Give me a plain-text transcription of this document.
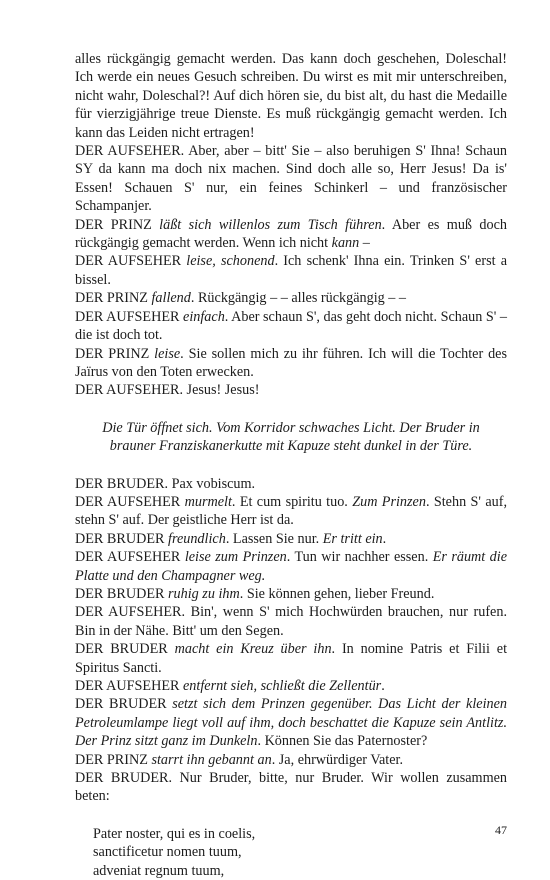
alles rückgängig gemacht werden. Das kann doch geschehen, Doleschal! Ich werde ein neues Gesuch schreiben. Du wirst es mit mir unterschreiben, nicht wahr, Doleschal?! Auf dich hören sie, du bist alt, du hast die Medaille für vierzigjährige treue Dienste. Es muß rückgängig gemacht werden. Ich kann das Leiden nicht ertragen!

DER AUFSEHER. Aber, aber – bitt' Sie – also beruhigen S' Ihna! Schaun SY da kann ma doch nix machen. Sind doch alle so, Herr Jesus! Da is' Essen! Schauen S' nur, ein feines Schinkerl – und französischer Schampanjer.

DER PRINZ läßt sich willenlos zum Tisch führen. Aber es muß doch rückgängig gemacht werden. Wenn ich nicht kann –

DER AUFSEHER leise, schonend. Ich schenk' Ihna ein. Trinken S' erst a bissel.

DER PRINZ fallend. Rückgängig – – alles rückgängig – –

DER AUFSEHER einfach. Aber schaun S', das geht doch nicht. Schaun S' – die ist doch tot.

DER PRINZ leise. Sie sollen mich zu ihr führen. Ich will die Tochter des Jaïrus von den Toten erwecken.

DER AUFSEHER. Jesus! Jesus!

Die Tür öffnet sich. Vom Korridor schwaches Licht. Der Bruder in brauner Franziskanerkutte mit Kapuze steht dunkel in der Türe.

DER BRUDER. Pax vobiscum.

DER AUFSEHER murmelt. Et cum spiritu tuo. Zum Prinzen. Stehn S' auf, stehn S' auf. Der geistliche Herr ist da.

DER BRUDER freundlich. Lassen Sie nur. Er tritt ein.

DER AUFSEHER leise zum Prinzen. Tun wir nachher essen. Er räumt die Platte und den Champagner weg.

DER BRUDER ruhig zu ihm. Sie können gehen, lieber Freund.

DER AUFSEHER. Bin', wenn S' mich Hochwürden brauchen, nur rufen. Bin in der Nähe. Bitt' um den Segen.

DER BRUDER macht ein Kreuz über ihn. In nomine Patris et Filii et Spiritus Sancti.

DER AUFSEHER entfernt sieh, schließt die Zellentür.

DER BRUDER setzt sich dem Prinzen gegenüber. Das Licht der kleinen Petroleumlampe liegt voll auf ihm, doch beschattet die Kapuze sein Antlitz. Der Prinz sitzt ganz im Dunkeln. Können Sie das Paternoster?

DER PRINZ starrt ihn gebannt an. Ja, ehrwürdiger Vater.

DER BRUDER. Nur Bruder, bitte, nur Bruder. Wir wollen zusammen beten:

Pater noster, qui es in coelis,

sanctificetur nomen tuum,

adveniat regnum tuum,

47
